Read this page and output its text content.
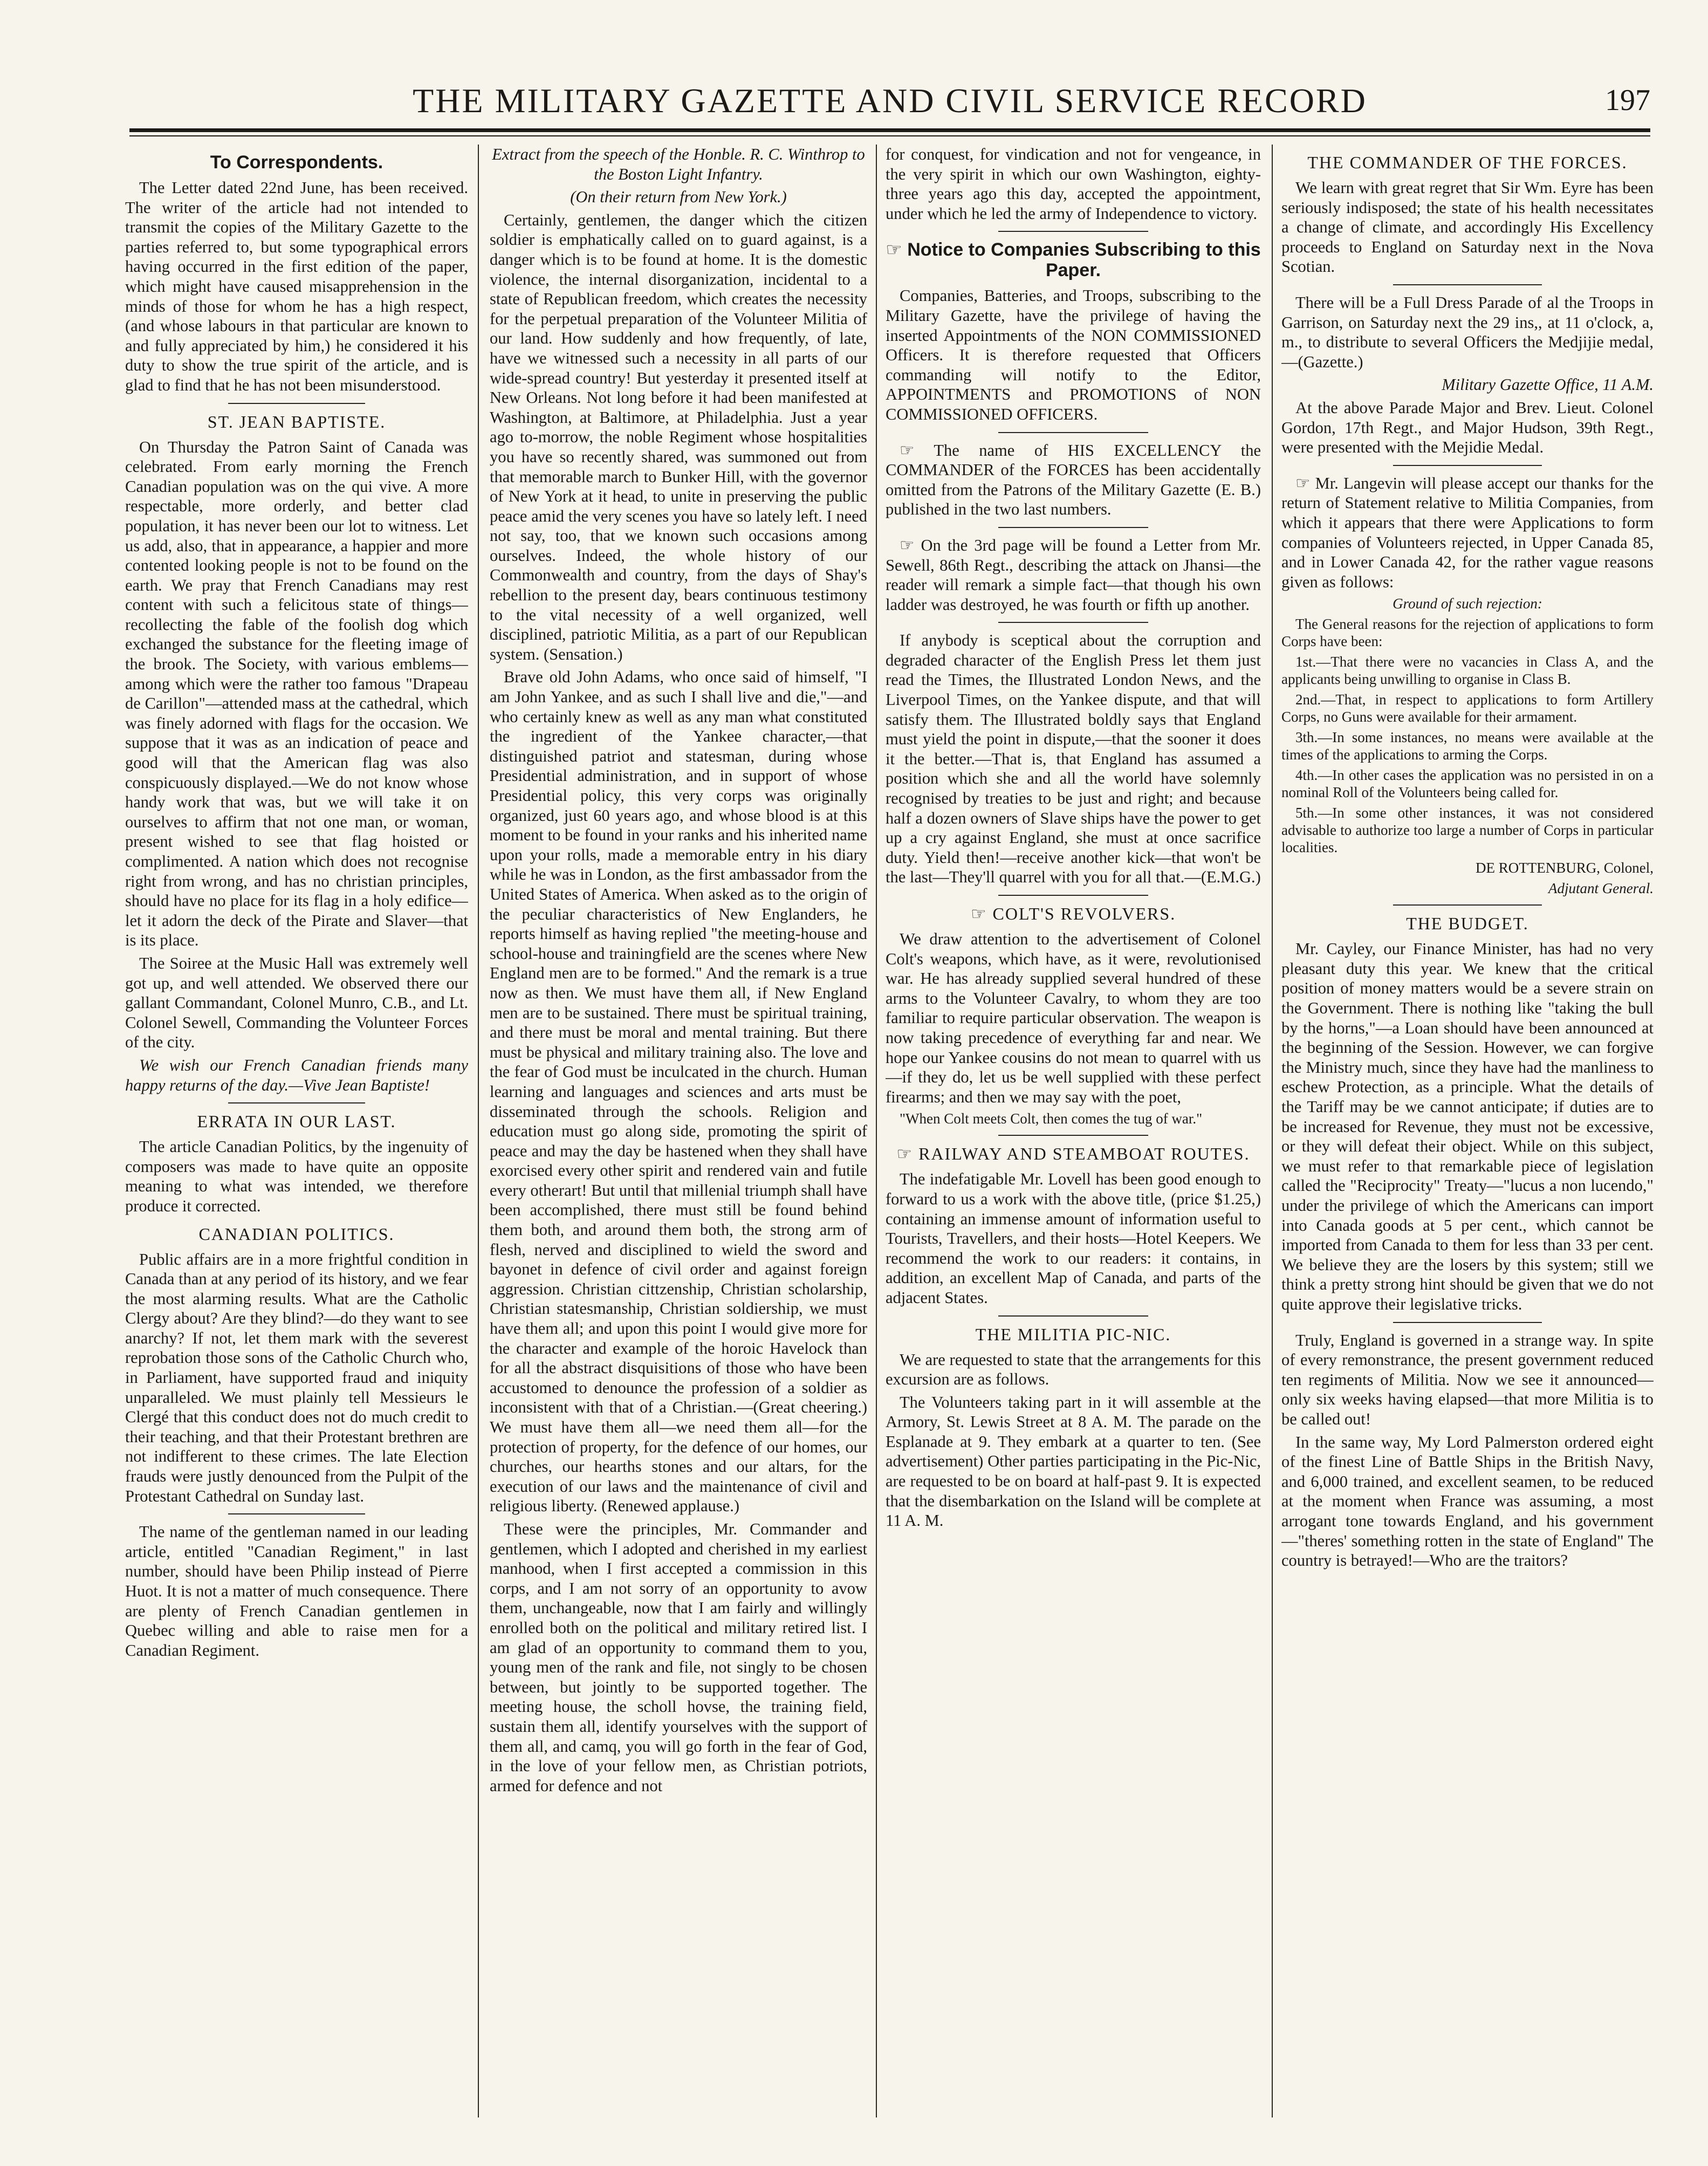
THE MILITARY GAZETTE AND CIVIL SERVICE RECORD	197
To Correspondents.

The Letter dated 22nd June, has been received. The writer of the article had not intended to transmit the copies of the Military Gazette to the parties referred to, but some typographical errors having occurred in the first edition of the paper, which might have caused misapprehension in the minds of those for whom he has a high respect, (and whose labours in that particular are known to and fully appreciated by him,) he considered it his duty to show the true spirit of the article, and is glad to find that he has not been misunderstood.

ST. JEAN BAPTISTE.

On Thursday the Patron Saint of Canada was celebrated. From early morning the French Canadian population was on the qui vive. A more respectable, more orderly, and better clad population, it has never been our lot to witness. Let us add, also, that in appearance, a happier and more contented looking people is not to be found on the earth. We pray that French Canadians may rest content with such a felicitous state of things—recollecting the fable of the foolish dog which exchanged the substance for the fleeting image of the brook. The Society, with various emblems—among which were the rather too famous "Drapeau de Carillon"—attended mass at the cathedral, which was finely adorned with flags for the occasion. We suppose that it was as an indication of peace and good will that the American flag was also conspicuously displayed.—We do not know whose handy work that was, but we will take it on ourselves to affirm that not one man, or woman, present wished to see that flag hoisted or complimented. A nation which does not recognise right from wrong, and has no christian principles, should have no place for its flag in a holy edifice—let it adorn the deck of the Pirate and Slaver—that is its place.

The Soiree at the Music Hall was extremely well got up, and well attended. We observed there our gallant Commandant, Colonel Munro, C.B., and Lt. Colonel Sewell, Commanding the Volunteer Forces of the city.

We wish our French Canadian friends many happy returns of the day.—Vive Jean Baptiste!

ERRATA IN OUR LAST.

The article Canadian Politics, by the ingenuity of composers was made to have quite an opposite meaning to what was intended, we therefore produce it corrected.

CANADIAN POLITICS.

Public affairs are in a more frightful condition in Canada than at any period of its history, and we fear the most alarming results. What are the Catholic Clergy about? Are they blind?—do they want to see anarchy? If not, let them mark with the severest reprobation those sons of the Catholic Church who, in Parliament, have supported fraud and iniquity unparalleled. We must plainly tell Messieurs le Clergé that this conduct does not do much credit to their teaching, and that their Protestant brethren are not indifferent to these crimes. The late Election frauds were justly denounced from the Pulpit of the Protestant Cathedral on Sunday last.

The name of the gentleman named in our leading article, entitled "Canadian Regiment," in last number, should have been Philip instead of Pierre Huot. It is not a matter of much consequence. There are plenty of French Canadian gentlemen in Quebec willing and able to raise men for a Canadian Regiment.

Extract from the speech of the Honble. R. C. Winthrop to the Boston Light Infantry.

(On their return from New York.)

Certainly, gentlemen, the danger which the citizen soldier is emphatically called on to guard against, is a danger which is to be found at home. It is the domestic violence, the internal disorganization, incidental to a state of Republican freedom, which creates the necessity for the perpetual preparation of the Volunteer Militia of our land. How suddenly and how frequently, of late, have we witnessed such a necessity in all parts of our wide-spread country! But yesterday it presented itself at New Orleans. Not long before it had been manifested at Washington, at Baltimore, at Philadelphia. Just a year ago to-morrow, the noble Regiment whose hospitalities you have so recently shared, was summoned out from that memorable march to Bunker Hill, with the governor of New York at it head, to unite in preserving the public peace amid the very scenes you have so lately left. I need not say, too, that we known such occasions among ourselves. Indeed, the whole history of our Commonwealth and country, from the days of Shay's rebellion to the present day, bears continuous testimony to the vital necessity of a well organized, well disciplined, patriotic Militia, as a part of our Republican system. (Sensation.)

Brave old John Adams, who once said of himself, "I am John Yankee, and as such I shall live and die,"—and who certainly knew as well as any man what constituted the ingredient of the Yankee character,—that distinguished patriot and statesman, during whose Presidential administration, and in support of whose Presidential policy, this very corps was originally organized, just 60 years ago, and whose blood is at this moment to be found in your ranks and his inherited name upon your rolls, made a memorable entry in his diary while he was in London, as the first ambassador from the United States of America. When asked as to the origin of the peculiar characteristics of New Englanders, he reports himself as having replied "the meeting-house and school-house and trainingfield are the scenes where New England men are to be formed." And the remark is a true now as then. We must have them all, if New England men are to be sustained. There must be spiritual training, and there must be moral and mental training. But there must be physical and military training also. The love and the fear of God must be inculcated in the church. Human learning and languages and sciences and arts must be disseminated through the schools. Religion and education must go along side, promoting the spirit of peace and may the day be hastened when they shall have exorcised every other spirit and rendered vain and futile every otherart! But until that millenial triumph shall have been accomplished, there must still be found behind them both, and around them both, the strong arm of flesh, nerved and disciplined to wield the sword and bayonet in defence of civil order and against foreign aggression. Christian cittzenship, Christian scholarship, Christian statesmanship, Christian soldiership, we must have them all; and upon this point I would give more for the character and example of the horoic Havelock than for all the abstract disquisitions of those who have been accustomed to denounce the profession of a soldier as inconsistent with that of a Christian.—(Great cheering.) We must have them all—we need them all—for the protection of property, for the defence of our homes, our churches, our hearths stones and our altars, for the execution of our laws and the maintenance of civil and religious liberty. (Renewed applause.)

These were the principles, Mr. Commander and gentlemen, which I adopted and cherished in my earliest manhood, when I first accepted a commission in this corps, and I am not sorry of an opportunity to avow them, unchangeable, now that I am fairly and willingly enrolled both on the political and military retired list. I am glad of an opportunity to command them to you, young men of the rank and file, not singly to be chosen between, but jointly to be supported together. The meeting house, the scholl hovse, the training field, sustain them all, identify yourselves with the support of them all, and camq, you will go forth in the fear of God, in the love of your fellow men, as Christian potriots, armed for defence and not

for conquest, for vindication and not for vengeance, in the very spirit in which our own Washington, eighty-three years ago this day, accepted the appointment, under which he led the army of Independence to victory.

☞ Notice to Companies Subscribing to this Paper.

Companies, Batteries, and Troops, subscribing to the Military Gazette, have the privilege of having the inserted Appointments of the NON COMMISSIONED Officers. It is therefore requested that Officers commanding will notify to the Editor, APPOINTMENTS and PROMOTIONS of NON COMMISSIONED OFFICERS.

☞ The name of HIS EXCELLENCY the COMMANDER of the FORCES has been accidentally omitted from the Patrons of the Military Gazette (E. B.) published in the two last numbers.

☞ On the 3rd page will be found a Letter from Mr. Sewell, 86th Regt., describing the attack on Jhansi—the reader will remark a simple fact—that though his own ladder was destroyed, he was fourth or fifth up another.

If anybody is sceptical about the corruption and degraded character of the English Press let them just read the Times, the Illustrated London News, and the Liverpool Times, on the Yankee dispute, and that will satisfy them. The Illustrated boldly says that England must yield the point in dispute,—that the sooner it does it the better.—That is, that England has assumed a position which she and all the world have solemnly recognised by treaties to be just and right; and because half a dozen owners of Slave ships have the power to get up a cry against England, she must at once sacrifice duty. Yield then!—receive another kick—that won't be the last—They'll quarrel with you for all that.—(E.M.G.)

☞ COLT'S REVOLVERS.

We draw attention to the advertisement of Colonel Colt's weapons, which have, as it were, revolutionised war. He has already supplied several hundred of these arms to the Volunteer Cavalry, to whom they are too familiar to require particular observation. The weapon is now taking precedence of everything far and near. We hope our Yankee cousins do not mean to quarrel with us—if they do, let us be well supplied with these perfect firearms; and then we may say with the poet,

"When Colt meets Colt, then comes the tug of war."

☞ RAILWAY AND STEAMBOAT ROUTES.

The indefatigable Mr. Lovell has been good enough to forward to us a work with the above title, (price $1.25,) containing an immense amount of information useful to Tourists, Travellers, and their hosts—Hotel Keepers. We recommend the work to our readers: it contains, in addition, an excellent Map of Canada, and parts of the adjacent States.

THE MILITIA PIC-NIC.

We are requested to state that the arrangements for this excursion are as follows.

The Volunteers taking part in it will assemble at the Armory, St. Lewis Street at 8 A. M. The parade on the Esplanade at 9. They embark at a quarter to ten. (See advertisement) Other parties participating in the Pic-Nic, are requested to be on board at half-past 9. It is expected that the disembarkation on the Island will be complete at 11 A. M.

THE COMMANDER OF THE FORCES.

We learn with great regret that Sir Wm. Eyre has been seriously indisposed; the state of his health necessitates a change of climate, and accordingly His Excellency proceeds to England on Saturday next in the Nova Scotian.

There will be a Full Dress Parade of al the Troops in Garrison, on Saturday next the 29 ins,, at 11 o'clock, a, m., to distribute to several Officers the Medjijie medal,—(Gazette.)

Military Gazette Office, 11 A.M.

At the above Parade Major and Brev. Lieut. Colonel Gordon, 17th Regt., and Major Hudson, 39th Regt., were presented with the Mejidie Medal.

☞ Mr. Langevin will please accept our thanks for the return of Statement relative to Militia Companies, from which it appears that there were Applications to form companies of Volunteers rejected, in Upper Canada 85, and in Lower Canada 42, for the rather vague reasons given as follows:

Ground of such rejection:

The General reasons for the rejection of applications to form Corps have been:

1st.—That there were no vacancies in Class A, and the applicants being unwilling to organise in Class B.

2nd.—That, in respect to applications to form Artillery Corps, no Guns were available for their armament.

3th.—In some instances, no means were available at the times of the applications to arming the Corps.

4th.—In other cases the application was no persisted in on a nominal Roll of the Volunteers being called for.

5th.—In some other instances, it was not considered advisable to authorize too large a number of Corps in particular localities.

DE ROTTENBURG, Colonel,

Adjutant General.

THE BUDGET.

Mr. Cayley, our Finance Minister, has had no very pleasant duty this year. We knew that the critical position of money matters would be a severe strain on the Government. There is nothing like "taking the bull by the horns,"—a Loan should have been announced at the beginning of the Session. However, we can forgive the Ministry much, since they have had the manliness to eschew Protection, as a principle. What the details of the Tariff may be we cannot anticipate; if duties are to be increased for Revenue, they must not be excessive, or they will defeat their object. While on this subject, we must refer to that remarkable piece of legislation called the "Reciprocity" Treaty—"lucus a non lucendo," under the privilege of which the Americans can import into Canada goods at 5 per cent., which cannot be imported from Canada to them for less than 33 per cent. We believe they are the losers by this system; still we think a pretty strong hint should be given that we do not quite approve their legislative tricks.

Truly, England is governed in a strange way. In spite of every remonstrance, the present government reduced ten regiments of Militia. Now we see it announced—only six weeks having elapsed—that more Militia is to be called out!

In the same way, My Lord Palmerston ordered eight of the finest Line of Battle Ships in the British Navy, and 6,000 trained, and excellent seamen, to be reduced at the moment when France was assuming, a most arrogant tone towards England, and his government—"theres' something rotten in the state of England" The country is betrayed!—Who are the traitors?
